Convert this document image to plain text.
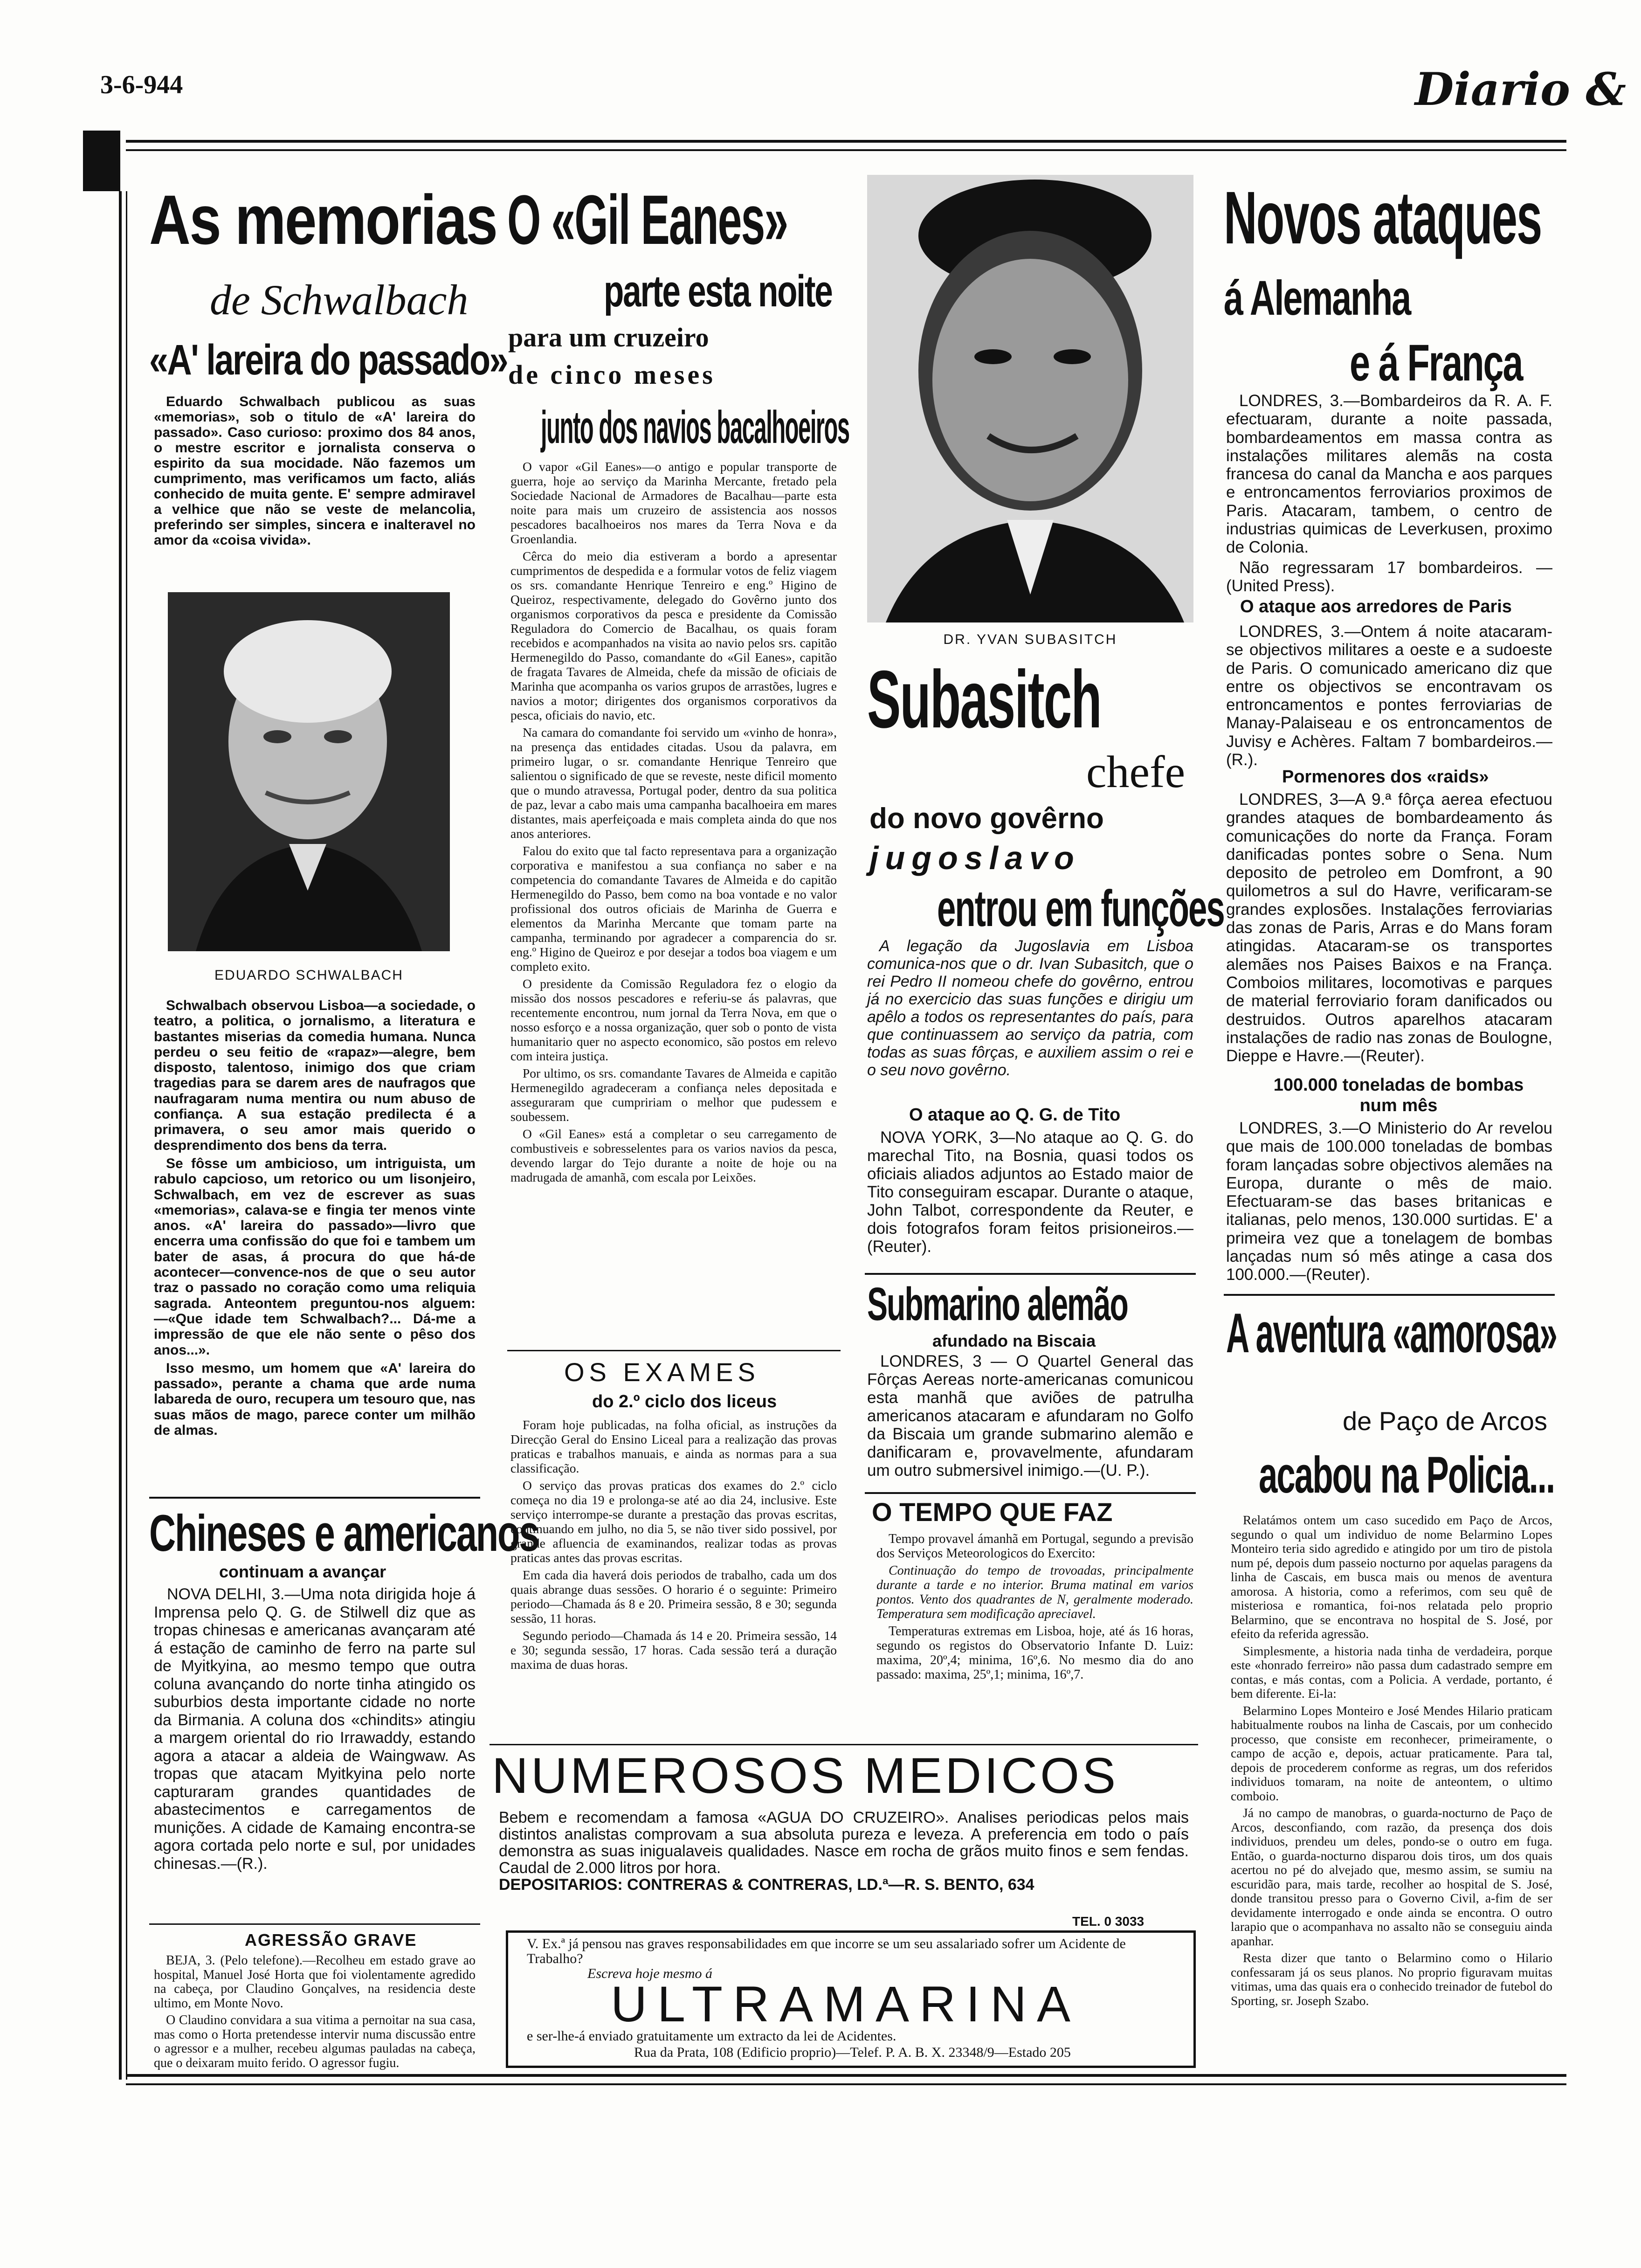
3-6-944	Diario &
As memorias
de Schwalbach
«A' lareira do passado»

Eduardo Schwalbach publicou as suas «memorias», sob o titulo de «A' lareira do passado». Caso curioso: proximo dos 84 anos, o mestre escritor e jornalista conserva o espirito da sua mocidade. Não fazemos um cumprimento, mas verificamos um facto, aliás conhecido de muita gente. E' sempre admiravel a velhice que não se veste de melancolia, preferindo ser simples, sincera e inalteravel no amor da «coisa vivida».

EDUARDO SCHWALBACH

Schwalbach observou Lisboa—a sociedade, o teatro, a politica, o jornalismo, a literatura e bastantes miserias da comedia humana. Nunca perdeu o seu feitio de «rapaz»—alegre, bem disposto, talentoso, inimigo dos que criam tragedias para se darem ares de naufragos que naufragaram numa mentira ou num abuso de confiança. A sua estação predilecta é a primavera, o seu amor mais querido o desprendimento dos bens da terra.

Se fôsse um ambicioso, um intriguista, um rabulo capcioso, um retorico ou um lisonjeiro, Schwalbach, em vez de escrever as suas «memorias», calava-se e fingia ter menos vinte anos. «A' lareira do passado»—livro que encerra uma confissão do que foi e tambem um bater de asas, á procura do que há-de acontecer—convence-nos de que o seu autor traz o passado no coração como uma reliquia sagrada. Anteontem preguntou-nos alguem: —«Que idade tem Schwalbach?... Dá-me a impressão de que ele não sente o pêso dos anos...».

Isso mesmo, um homem que «A' lareira do passado», perante a chama que arde numa labareda de ouro, recupera um tesouro que, nas suas mãos de mago, parece conter um milhão de almas.

Chineses e americanos
continuam a avançar

NOVA DELHI, 3.—Uma nota dirigida hoje á Imprensa pelo Q. G. de Stilwell diz que as tropas chinesas e americanas avançaram até á estação de caminho de ferro na parte sul de Myitkyina, ao mesmo tempo que outra coluna avançando do norte tinha atingido os suburbios desta importante cidade no norte da Birmania. A coluna dos «chindits» atingiu a margem oriental do rio Irrawaddy, estando agora a atacar a aldeia de Waingwaw. As tropas que atacam Myitkyina pelo norte capturaram grandes quantidades de abastecimentos e carregamentos de munições. A cidade de Kamaing encontra-se agora cortada pelo norte e sul, por unidades chinesas.—(R.).

AGRESSÃO GRAVE

BEJA, 3. (Pelo telefone).—Recolheu em estado grave ao hospital, Manuel José Horta que foi violentamente agredido na cabeça, por Claudino Gonçalves, na residencia deste ultimo, em Monte Novo.

O Claudino convidara a sua vitima a pernoitar na sua casa, mas como o Horta pretendesse intervir numa discussão entre o agressor e a mulher, recebeu algumas pauladas na cabeça, que o deixaram muito ferido. O agressor fugiu.

O «Gil Eanes»
parte esta noite
para um cruzeiro
de cinco meses
junto dos navios bacalhoeiros

O vapor «Gil Eanes»—o antigo e popular transporte de guerra, hoje ao serviço da Marinha Mercante, fretado pela Sociedade Nacional de Armadores de Bacalhau—parte esta noite para mais um cruzeiro de assistencia aos nossos pescadores bacalhoeiros nos mares da Terra Nova e da Groenlandia.

Cêrca do meio dia estiveram a bordo a apresentar cumprimentos de despedida e a formular votos de feliz viagem os srs. comandante Henrique Tenreiro e eng.º Higino de Queiroz, respectivamente, delegado do Govêrno junto dos organismos corporativos da pesca e presidente da Comissão Reguladora do Comercio de Bacalhau, os quais foram recebidos e acompanhados na visita ao navio pelos srs. capitão Hermenegildo do Passo, comandante do «Gil Eanes», capitão de fragata Tavares de Almeida, chefe da missão de oficiais de Marinha que acompanha os varios grupos de arrastões, lugres e navios a motor; dirigentes dos organismos corporativos da pesca, oficiais do navio, etc.

Na camara do comandante foi servido um «vinho de honra», na presença das entidades citadas. Usou da palavra, em primeiro lugar, o sr. comandante Henrique Tenreiro que salientou o significado de que se reveste, neste dificil momento que o mundo atravessa, Portugal poder, dentro da sua politica de paz, levar a cabo mais uma campanha bacalhoeira em mares distantes, mais aperfeiçoada e mais completa ainda do que nos anos anteriores.

Falou do exito que tal facto representava para a organização corporativa e manifestou a sua confiança no saber e na competencia do comandante Tavares de Almeida e do capitão Hermenegildo do Passo, bem como na boa vontade e no valor profissional dos outros oficiais de Marinha de Guerra e elementos da Marinha Mercante que tomam parte na campanha, terminando por agradecer a comparencia do sr. eng.º Higino de Queiroz e por desejar a todos boa viagem e um completo exito.

O presidente da Comissão Reguladora fez o elogio da missão dos nossos pescadores e referiu-se ás palavras, que recentemente encontrou, num jornal da Terra Nova, em que o nosso esforço e a nossa organização, quer sob o ponto de vista humanitario quer no aspecto economico, são postos em relevo com inteira justiça.

Por ultimo, os srs. comandante Tavares de Almeida e capitão Hermenegildo agradeceram a confiança neles depositada e asseguraram que cumpririam o melhor que pudessem e soubessem.

O «Gil Eanes» está a completar o seu carregamento de combustiveis e sobresselentes para os varios navios da pesca, devendo largar do Tejo durante a noite de hoje ou na madrugada de amanhã, com escala por Leixões.

OS EXAMES
do 2.º ciclo dos liceus

Foram hoje publicadas, na folha oficial, as instruções da Direcção Geral do Ensino Liceal para a realização das provas praticas e trabalhos manuais, e ainda as normas para a sua classificação.

O serviço das provas praticas dos exames do 2.º ciclo começa no dia 19 e prolonga-se até ao dia 24, inclusive. Este serviço interrompe-se durante a prestação das provas escritas, continuando em julho, no dia 5, se não tiver sido possivel, por grande afluencia de examinandos, realizar todas as provas praticas antes das provas escritas.

Em cada dia haverá dois periodos de trabalho, cada um dos quais abrange duas sessões. O horario é o seguinte: Primeiro periodo—Chamada ás 8 e 20. Primeira sessão, 8 e 30; segunda sessão, 11 horas.

Segundo periodo—Chamada ás 14 e 20. Primeira sessão, 14 e 30; segunda sessão, 17 horas. Cada sessão terá a duração maxima de duas horas.

DR. YVAN SUBASITCH
Subasitch
chefe
do novo govêrno
jugoslavo
entrou em funções

A legação da Jugoslavia em Lisboa comunica-nos que o dr. Ivan Subasitch, que o rei Pedro II nomeou chefe do govêrno, entrou já no exercicio das suas funções e dirigiu um apêlo a todos os representantes do país, para que continuassem ao serviço da patria, com todas as suas fôrças, e auxiliem assim o rei e o seu novo govêrno.

O ataque ao Q. G. de Tito

NOVA YORK, 3—No ataque ao Q. G. do marechal Tito, na Bosnia, quasi todos os oficiais aliados adjuntos ao Estado maior de Tito conseguiram escapar. Durante o ataque, John Talbot, correspondente da Reuter, e dois fotografos foram feitos prisioneiros.—(Reuter).

Submarino alemão
afundado na Biscaia

LONDRES, 3 — O Quartel General das Fôrças Aereas norte-americanas comunicou esta manhã que aviões de patrulha americanos atacaram e afundaram no Golfo da Biscaia um grande submarino alemão e danificaram e, provavelmente, afundaram um outro submersivel inimigo.—(U. P.).

O TEMPO QUE FAZ

Tempo provavel ámanhã em Portugal, segundo a previsão dos Serviços Meteorologicos do Exercito:

Continuação do tempo de trovoadas, principalmente durante a tarde e no interior. Bruma matinal em varios pontos. Vento dos quadrantes de N, geralmente moderado. Temperatura sem modificação apreciavel.

Temperaturas extremas em Lisboa, hoje, até ás 16 horas, segundo os registos do Observatorio Infante D. Luiz: maxima, 20º,4; minima, 16º,6. No mesmo dia do ano passado: maxima, 25º,1; minima, 16º,7.

Novos ataques
á Alemanha
e á França

LONDRES, 3.—Bombardeiros da R. A. F. efectuaram, durante a noite passada, bombardeamentos em massa contra as instalações militares alemãs na costa francesa do canal da Mancha e aos parques e entroncamentos ferroviarios proximos de Paris. Atacaram, tambem, o centro de industrias quimicas de Leverkusen, proximo de Colonia.

Não regressaram 17 bombardeiros. —(United Press).

O ataque aos arredores de Paris

LONDRES, 3.—Ontem á noite atacaram-se objectivos militares a oeste e a sudoeste de Paris. O comunicado americano diz que entre os objectivos se encontravam os entroncamentos e pontes ferroviarias de Manay-Palaiseau e os entroncamentos de Juvisy e Achères. Faltam 7 bombardeiros.—(R.).

Pormenores dos «raids»

LONDRES, 3—A 9.ª fôrça aerea efectuou grandes ataques de bombardeamento ás comunicações do norte da França. Foram danificadas pontes sobre o Sena. Num deposito de petroleo em Domfront, a 90 quilometros a sul do Havre, verificaram-se grandes explosões. Instalações ferroviarias das zonas de Paris, Arras e do Mans foram atingidas. Atacaram-se os transportes alemães nos Paises Baixos e na França. Comboios militares, locomotivas e parques de material ferroviario foram danificados ou destruidos. Outros aparelhos atacaram instalações de radio nas zonas de Boulogne, Dieppe e Havre.—(Reuter).

100.000 toneladas de bombas num mês

LONDRES, 3.—O Ministerio do Ar revelou que mais de 100.000 toneladas de bombas foram lançadas sobre objectivos alemães na Europa, durante o mês de maio. Efectuaram-se das bases britanicas e italianas, pelo menos, 130.000 surtidas. E' a primeira vez que a tonelagem de bombas lançadas num só mês atinge a casa dos 100.000.—(Reuter).

A aventura «amorosa»
de Paço de Arcos
acabou na Policia...

Relatámos ontem um caso sucedido em Paço de Arcos, segundo o qual um individuo de nome Belarmino Lopes Monteiro teria sido agredido e atingido por um tiro de pistola num pé, depois dum passeio nocturno por aquelas paragens da linha de Cascais, em busca mais ou menos de aventura amorosa. A historia, como a referimos, com seu quê de misteriosa e romantica, foi-nos relatada pelo proprio Belarmino, que se encontrava no hospital de S. José, por efeito da referida agressão.

Simplesmente, a historia nada tinha de verdadeira, porque este «honrado ferreiro» não passa dum cadastrado sempre em contas, e más contas, com a Policia. A verdade, portanto, é bem diferente. Ei-la:

Belarmino Lopes Monteiro e José Mendes Hilario praticam habitualmente roubos na linha de Cascais, por um conhecido processo, que consiste em reconhecer, primeiramente, o campo de acção e, depois, actuar praticamente. Para tal, depois de procederem conforme as regras, um dos referidos individuos tomaram, na noite de anteontem, o ultimo comboio.

Já no campo de manobras, o guarda-nocturno de Paço de Arcos, desconfiando, com razão, da presença dos dois individuos, prendeu um deles, pondo-se o outro em fuga. Então, o guarda-nocturno disparou dois tiros, um dos quais acertou no pé do alvejado que, mesmo assim, se sumiu na escuridão para, mais tarde, recolher ao hospital de S. José, donde transitou presso para o Governo Civil, a-fim de ser devidamente interrogado e onde ainda se encontra. O outro larapio que o acompanhava no assalto não se conseguiu ainda apanhar.

Resta dizer que tanto o Belarmino como o Hilario confessaram já os seus planos. No proprio figuravam muitas vitimas, uma das quais era o conhecido treinador de futebol do Sporting, sr. Joseph Szabo.

NUMEROSOS MEDICOS
Bebem e recomendam a famosa «AGUA DO CRUZEIRO». Analises periodicas pelos mais distintos analistas comprovam a sua absoluta pureza e leveza. A preferencia em todo o país demonstra as suas inigualaveis qualidades. Nasce em rocha de grãos muito finos e sem fendas. Caudal de 2.000 litros por hora.
DEPOSITARIOS: CONTRERAS & CONTRERAS, LD.ª—R. S. BENTO, 634
TEL. 0 3033
V. Ex.ª já pensou nas graves responsabilidades em que incorre se um seu assalariado sofrer um Acidente de Trabalho?
Escreva hoje mesmo á
ULTRAMARINA
e ser-lhe-á enviado gratuitamente um extracto da lei de Acidentes.
Rua da Prata, 108 (Edificio proprio)—Telef. P. A. B. X. 23348/9—Estado 205
